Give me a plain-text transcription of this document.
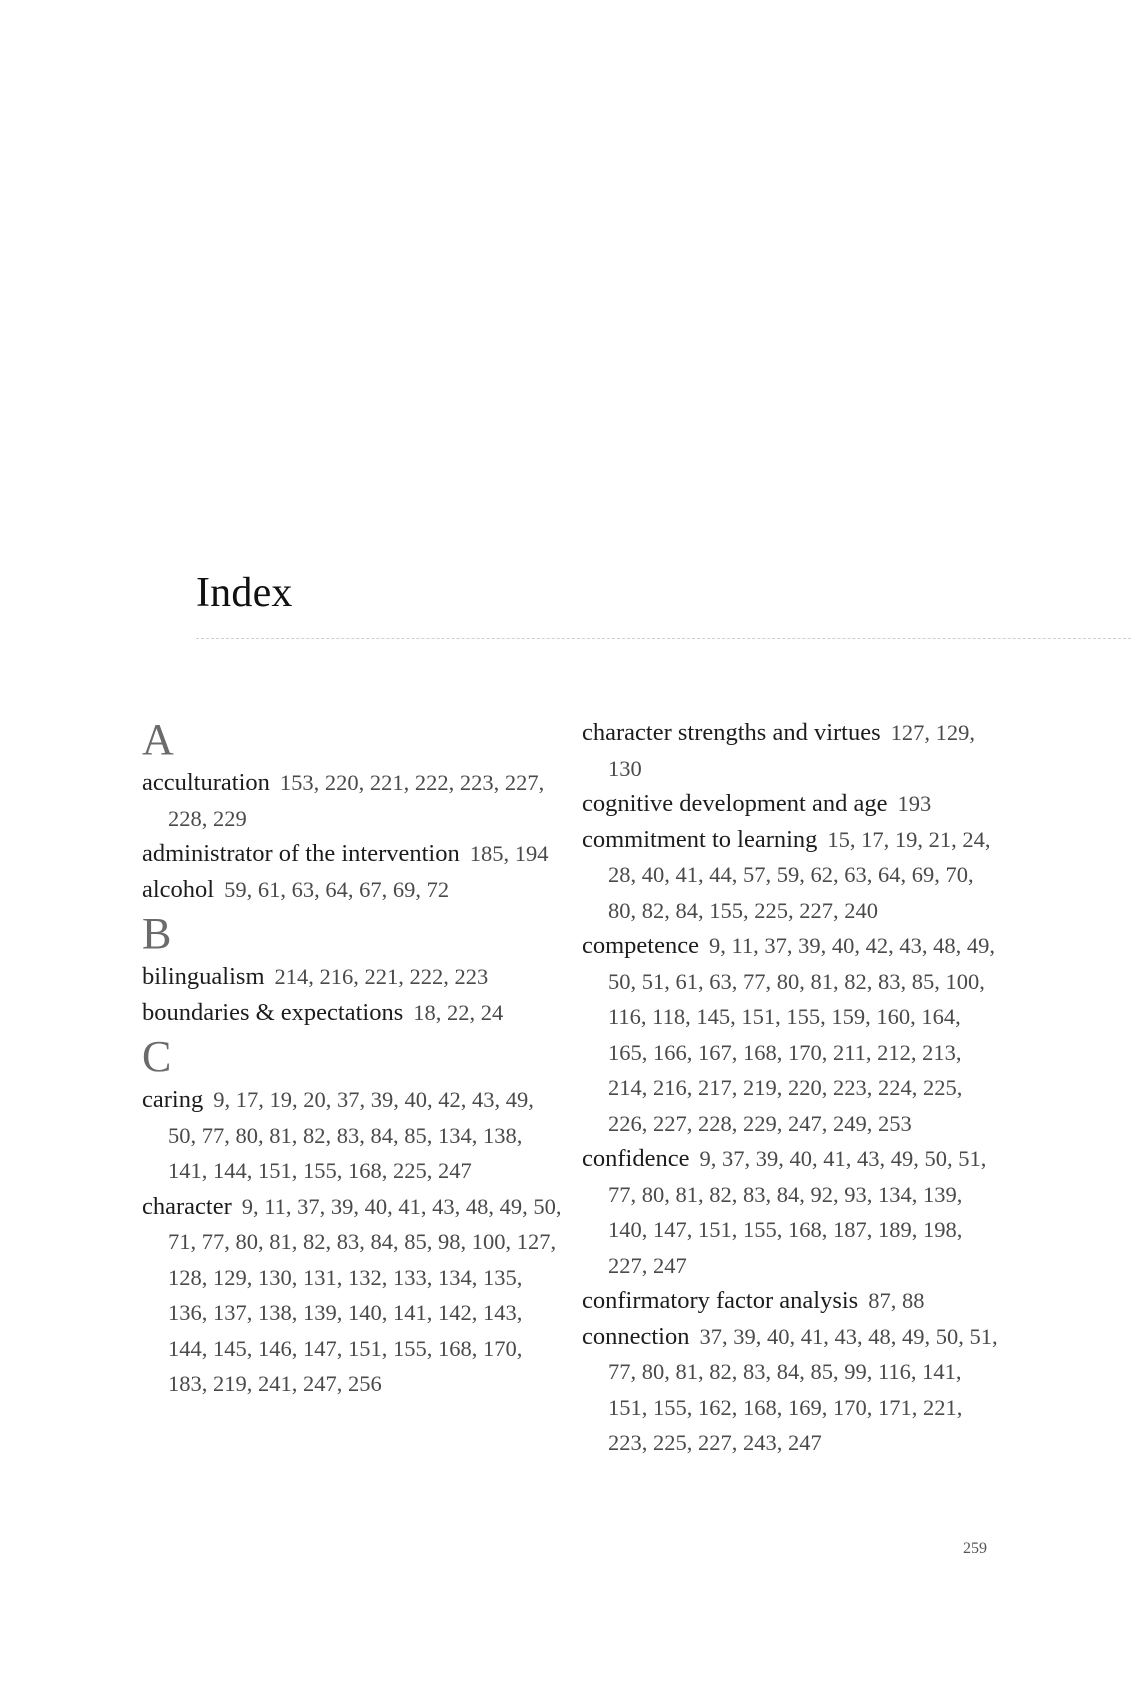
Index
A

acculturation 153, 220, 221, 222, 223, 227, 228, 229

administrator of the intervention 185, 194

alcohol 59, 61, 63, 64, 67, 69, 72

B

bilingualism 214, 216, 221, 222, 223

boundaries & expectations 18, 22, 24

C

caring 9, 17, 19, 20, 37, 39, 40, 42, 43, 49, 50, 77, 80, 81, 82, 83, 84, 85, 134, 138, 141, 144, 151, 155, 168, 225, 247

character 9, 11, 37, 39, 40, 41, 43, 48, 49, 50, 71, 77, 80, 81, 82, 83, 84, 85, 98, 100, 127, 128, 129, 130, 131, 132, 133, 134, 135, 136, 137, 138, 139, 140, 141, 142, 143, 144, 145, 146, 147, 151, 155, 168, 170, 183, 219, 241, 247, 256

character strengths and virtues 127, 129, 130

cognitive development and age 193

commitment to learning 15, 17, 19, 21, 24, 28, 40, 41, 44, 57, 59, 62, 63, 64, 69, 70, 80, 82, 84, 155, 225, 227, 240

competence 9, 11, 37, 39, 40, 42, 43, 48, 49, 50, 51, 61, 63, 77, 80, 81, 82, 83, 85, 100, 116, 118, 145, 151, 155, 159, 160, 164, 165, 166, 167, 168, 170, 211, 212, 213, 214, 216, 217, 219, 220, 223, 224, 225, 226, 227, 228, 229, 247, 249, 253

confidence 9, 37, 39, 40, 41, 43, 49, 50, 51, 77, 80, 81, 82, 83, 84, 92, 93, 134, 139, 140, 147, 151, 155, 168, 187, 189, 198, 227, 247

confirmatory factor analysis 87, 88

connection 37, 39, 40, 41, 43, 48, 49, 50, 51, 77, 80, 81, 82, 83, 84, 85, 99, 116, 141, 151, 155, 162, 168, 169, 170, 171, 221, 223, 225, 227, 243, 247

259
